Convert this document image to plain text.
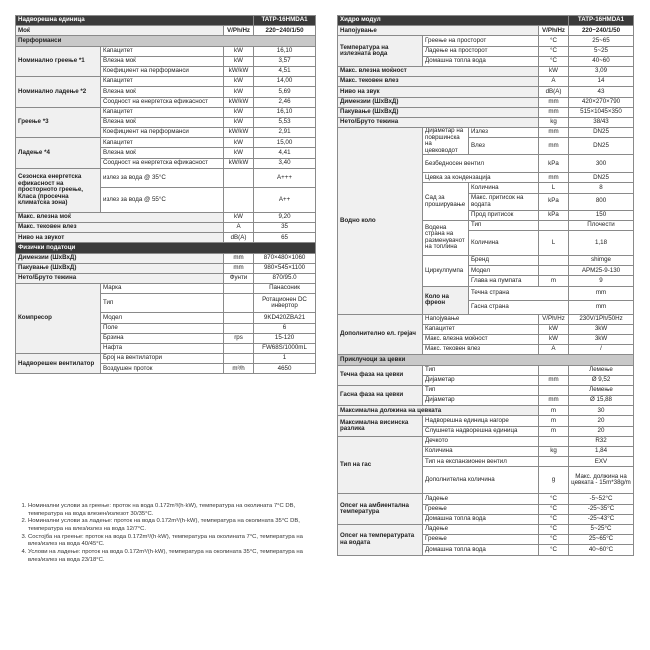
Надворешна единица			TATP-16HMDA1
Моќ		V/Ph/Hz	220~240/1/50
Перформанси			
Номинално греење *1	Капацитет	kW	16,10
	Влезна моќ	kW	3,57
	Коефициент на перформанси	kW/kW	4,51
Номинално ладење *2	Капацитет	kW	14,00
	Влезна моќ	kW	5,69
	Соодност на енергетска ефикасност	kW/kW	2,46
Греење *3	Капацитет	kW	16,10
	Влезна моќ	kW	5,53
	Коефициент на перформанси	kW/kW	2,91
Ладење *4	Капацитет	kW	15,00
	Влезна моќ	kW	4,41
	Соодност на енергетска ефикасност	kW/kW	3,40
Сезонска енергетска ефикасност на просторното греење, Класа (просечна климатска зона)	излез за вода @ 35°C		A+++
	излез за вода @ 55°C		A++
Макс. влезна моќ		kW	9,20
Макс. тековен влез		A	35
Ниво на звукот		dB(A)	65
Физички податоци			
Димензии (ШхВхД)		mm	870×480×1060
Пакување (ШхВхД)		mm	980×545×1100
Нето/Бруто тежина		Фунти	870/95.0
Компресор	Марка		Панасоник
	Тип		Ротационен DC инвертор
	Модел		9KD420ZBA21
	Поле		6
	Брзина	rps	15-120
	Нафта		FW68S/1000mL
Надворешен вентилатор	Број на вентилатори		1
	Воздушен проток	m³/h	4650
1. Номинални услови за греење: проток на вода 0.172m³/(h·kW), температура на околината 7°C DB, температура на вода влезен/излезот 30/35°C.
2. Номинални услови за ладење: проток на вода 0.172m³/(h·kW), температура на околината 35°C DB, температура на влез/излез на вода 12/7°C.
3. Состојба на греење: проток на вода 0.172m³/(h·kW), температура на околината 7°C, температура на влез/излез на вода 40/45°C.
4. Услови на ладење: проток на вода 0.172m³/(h·kW), температура на околината 35°C, температура на влез/излез на вода 23/18°C.
Хидро модул				TATP-16HMDA1	
Напојување			V/Ph/Hz	220~240/1/50	
Температура на излезната вода	Греење на просторот		°C	25~65	
	Ладење на просторот		°C	5~25	
	Домашна топла вода		°C	40~60	
Макс. влезна моќност			kW	3,09	
Макс. тековен влез			A	14	
Ниво на звук			dB(A)	43	
Димензии (ШхВхД)			mm	420×270×790	
Пакување (ШхВхД)			mm	515×1045×350	
Нето/Бруто тежина			kg	38/43	
Водно коло	Дијаметар на површинска на цевководот	Излез	mm	DN25	
		Влез	mm	DN25	
	Безбедносен вентил		kPa	300	
	Цевка за кондензација		mm	DN25	
	Сад за проширување	Количина	L	8	
		Макс. притисок на водата	kPa	800	
		Прод притисок	kPa	150	
	Водена страна на разменувачот на топлина	Тип		Плочести	
		Количина	L	1,18	
	Циркулпумпа	Бренд		shimge	
		Модел		APM25-9-130	
		Глава на пумпата	m	9	
	Коло на фреон	Течна страна		mm	
		Гасна страна		mm	
Дополнително ел. грејач	Напојување		V/Ph/Hz	230V/1Ph/50Hz	
	Капацитет		kW	3kW	
	Макс. влезна моќност		kW	3kW	
	Макс. тековен влез		A	/	
Приклучоци за цевки					
Течна фаза на цевки	Тип			Лемење	
	Дијаметар		mm	Ø 9,52	
Гасна фаза на цевки	Тип			Лемење	
	Дијаметар		mm	Ø 15,88	
Максимална должина на цевката			m	30	
Максимална висинска разлика	Надворешна единица нагоре		m	20	
	Слушнета надворешна единица		m	20	
Тип на гас	Дечкото			R32	
	Количина		kg	1,84	
	Тип на експанзионен вентил			EXV	
	Дополнителна количина		g	Макс. должина на цевката - 15m*38g/m	
Опсег на амбиентална температура	Ладење		°C	-5~52°C	
	Греење		°C	-25~35°C	
	Домашна топла вода		°C	-25~43°C	
Опсег на температурата на водата	Ладење		°C	5~25°C	
	Греење		°C	25~65°C	
	Домашна топла вода		°C	40~60°C	
